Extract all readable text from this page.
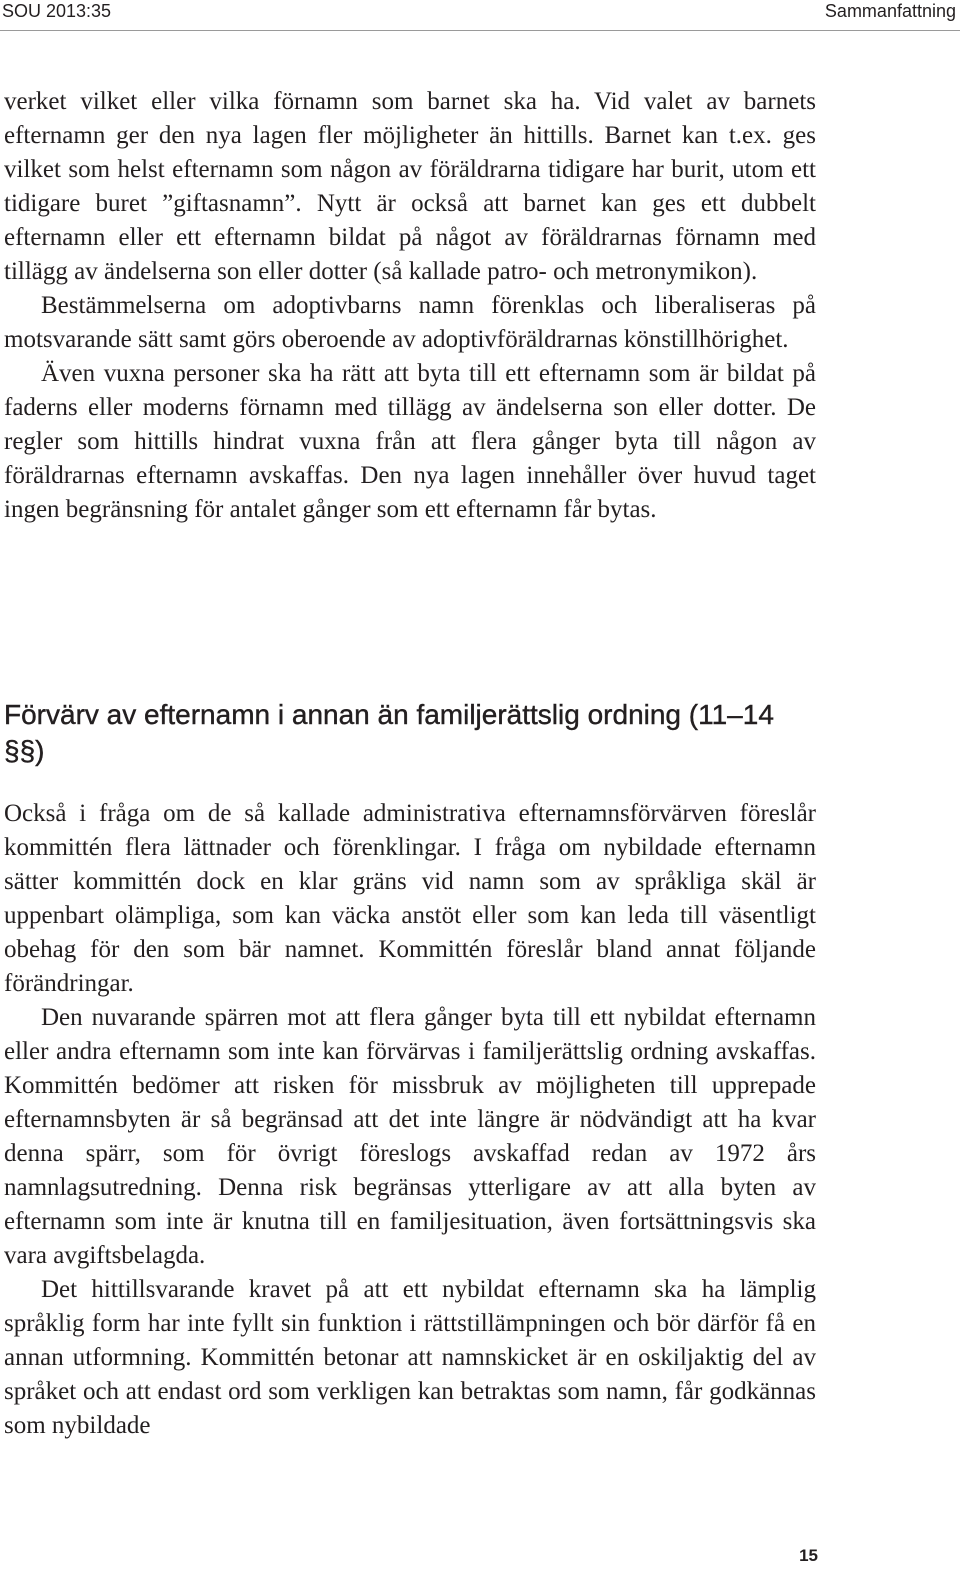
SOU 2013:35	Sammanfattning

verket vilket eller vilka förnamn som barnet ska ha. Vid valet av barnets efternamn ger den nya lagen fler möjligheter än hittills. Barnet kan t.ex. ges vilket som helst efternamn som någon av föräldrarna tidigare har burit, utom ett tidigare buret ”giftasnamn”. Nytt är också att barnet kan ges ett dubbelt efternamn eller ett efternamn bildat på något av föräldrarnas förnamn med tillägg av ändelserna son eller dotter (så kallade patro- och metronymikon).

Bestämmelserna om adoptivbarns namn förenklas och liberaliseras på motsvarande sätt samt görs oberoende av adoptivföräldrarnas könstillhörighet.

Även vuxna personer ska ha rätt att byta till ett efternamn som är bildat på faderns eller moderns förnamn med tillägg av ändelserna son eller dotter. De regler som hittills hindrat vuxna från att flera gånger byta till någon av föräldrarnas efternamn avskaffas. Den nya lagen innehåller över huvud taget ingen begränsning för antalet gånger som ett efternamn får bytas.

Förvärv av efternamn i annan än familjerättslig ordning (11–14 §§)

Också i fråga om de så kallade administrativa efternamnsförvärven föreslår kommittén flera lättnader och förenklingar. I fråga om nybildade efternamn sätter kommittén dock en klar gräns vid namn som av språkliga skäl är uppenbart olämpliga, som kan väcka anstöt eller som kan leda till väsentligt obehag för den som bär namnet. Kommittén föreslår bland annat följande förändringar.

Den nuvarande spärren mot att flera gånger byta till ett nybildat efternamn eller andra efternamn som inte kan förvärvas i familjerättslig ordning avskaffas. Kommittén bedömer att risken för missbruk av möjligheten till upprepade efternamnsbyten är så begränsad att det inte längre är nödvändigt att ha kvar denna spärr, som för övrigt föreslogs avskaffad redan av 1972 års namnlagsutredning. Denna risk begränsas ytterligare av att alla byten av efternamn som inte är knutna till en familjesituation, även fortsättningsvis ska vara avgiftsbelagda.

Det hittillsvarande kravet på att ett nybildat efternamn ska ha lämplig språklig form har inte fyllt sin funktion i rättstillämpningen och bör därför få en annan utformning. Kommittén betonar att namnskicket är en oskiljaktig del av språket och att endast ord som verkligen kan betraktas som namn, får godkännas som nybildade

15
